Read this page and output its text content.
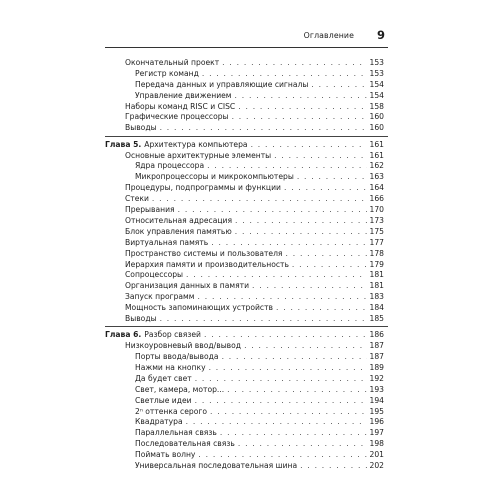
Оглавление 9
Окончательный проект . . .	153
Регистр команд . . .	153
Передача данных и управляющие сигналы . . .	154
Управление движением . . .	154
Наборы команд RISC и CISC . . .	158
Графические процессоры . . .	160
Выводы . . .	160
Глава 5. Архитектура компьютера . . .	161
Основные архитектурные элементы . . .	161
Ядра процессора . . .	162
Микропроцессоры и микрокомпьютеры . . .	163
Процедуры, подпрограммы и функции . . .	164
Стеки . . .	166
Прерывания . . .	170
Относительная адресация . . .	173
Блок управления памятью . . .	175
Виртуальная память . . .	177
Пространство системы и пользователя . . .	178
Иерархия памяти и производительность . . .	179
Сопроцессоры . . .	181
Организация данных в памяти . . .	181
Запуск программ . . .	183
Мощность запоминающих устройств . . .	184
Выводы . . .	185
Глава 6. Разбор связей . . .	186
Низкоуровневый ввод/вывод . . .	187
Порты ввода/вывода . . .	187
Нажми на кнопку . . .	189
Да будет свет . . .	192
Свет, камера, мотор... . . .	193
Светлые идеи . . .	194
2ⁿ оттенка серого . . .	195
Квадратура . . .	196
Параллельная связь . . .	197
Последовательная связь . . .	198
Поймать волну . . .	201
Универсальная последовательная шина . . .	202
